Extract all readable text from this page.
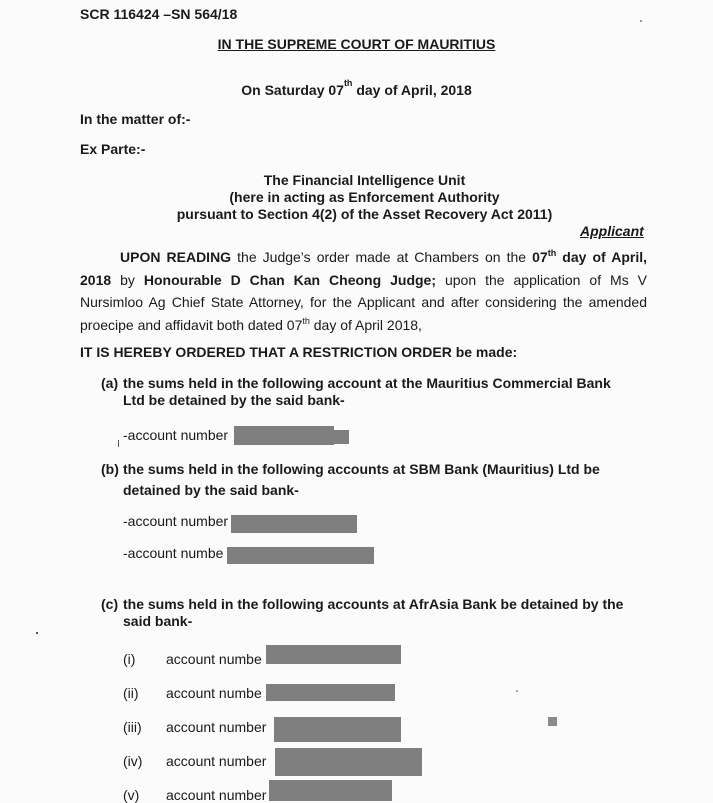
SCR 116424 –SN 564/18
IN THE SUPREME COURT OF MAURITIUS
On Saturday 07th day of April, 2018
In the matter of:-
Ex Parte:-
The Financial Intelligence Unit
(here in acting as Enforcement Authority
pursuant to Section 4(2) of the Asset Recovery Act 2011)
Applicant
UPON READING the Judge’s order made at Chambers on the 07th day of April, 2018 by Honourable D Chan Kan Cheong Judge; upon the application of Ms V Nursimloo Ag Chief State Attorney, for the Applicant and after considering the amended proecipe and affidavit both dated 07th day of April 2018,
IT IS HEREBY ORDERED THAT A RESTRICTION ORDER be made:
(a) the sums held in the following account at the Mauritius Commercial Bank
Ltd be detained by the said bank-
-account number
(b) the sums held in the following accounts at SBM Bank (Mauritius) Ltd be
detained by the said bank-
-account number
-account numbe
(c) the sums held in the following accounts at AfrAsia Bank be detained by the
said bank-
(i) account numbe
(ii) account numbe
(iii) account number
(iv) account number
(v) account number
